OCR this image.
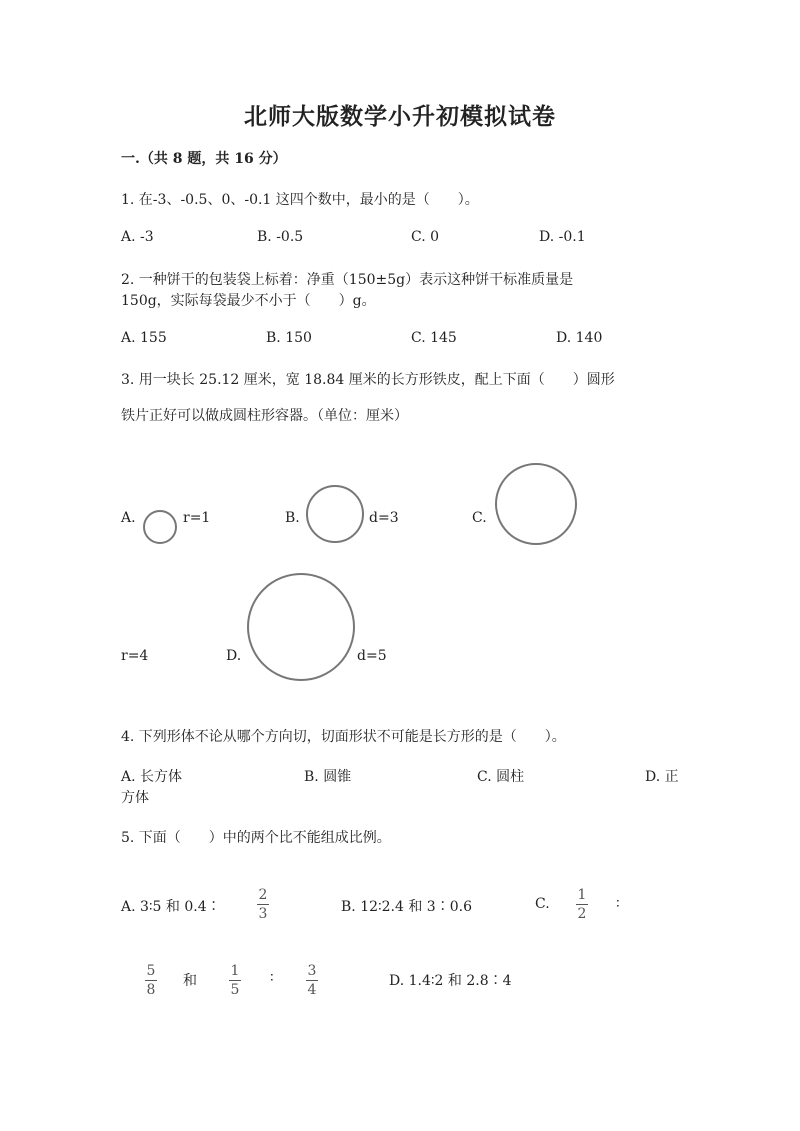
北师大版数学小升初模拟试卷
一.（共 8 题，共 16 分）
1. 在-3、-0.5、0、-0.1 这四个数中，最小的是（　　）。
A. -3	B. -0.5	C. 0	D. -0.1
2. 一种饼干的包装袋上标着：净重（150±5g）表示这种饼干标准质量是
150g，实际每袋最少不小于（　　）g。
A. 155	B. 150	C. 145	D. 140
3. 用一块长 25.12 厘米，宽 18.84 厘米的长方形铁皮，配上下面（　　）圆形
铁片正好可以做成圆柱形容器。（单位：厘米）
A.	r=1	B.	d=3	C.
r=4	D.	d=5
4. 下列形体不论从哪个方向切，切面形状不可能是长方形的是（　　）。
A. 长方体	B. 圆锥	C. 圆柱	D. 正
方体
5. 下面（　　）中的两个比不能组成比例。
A. 3∶5 和 0.4∶
2
3	B. 12∶2.4 和 3∶0.6	C.
1
2
∶
5
8
和
1
5
∶ 3
4
D. 1.4∶2 和 2.8∶4
